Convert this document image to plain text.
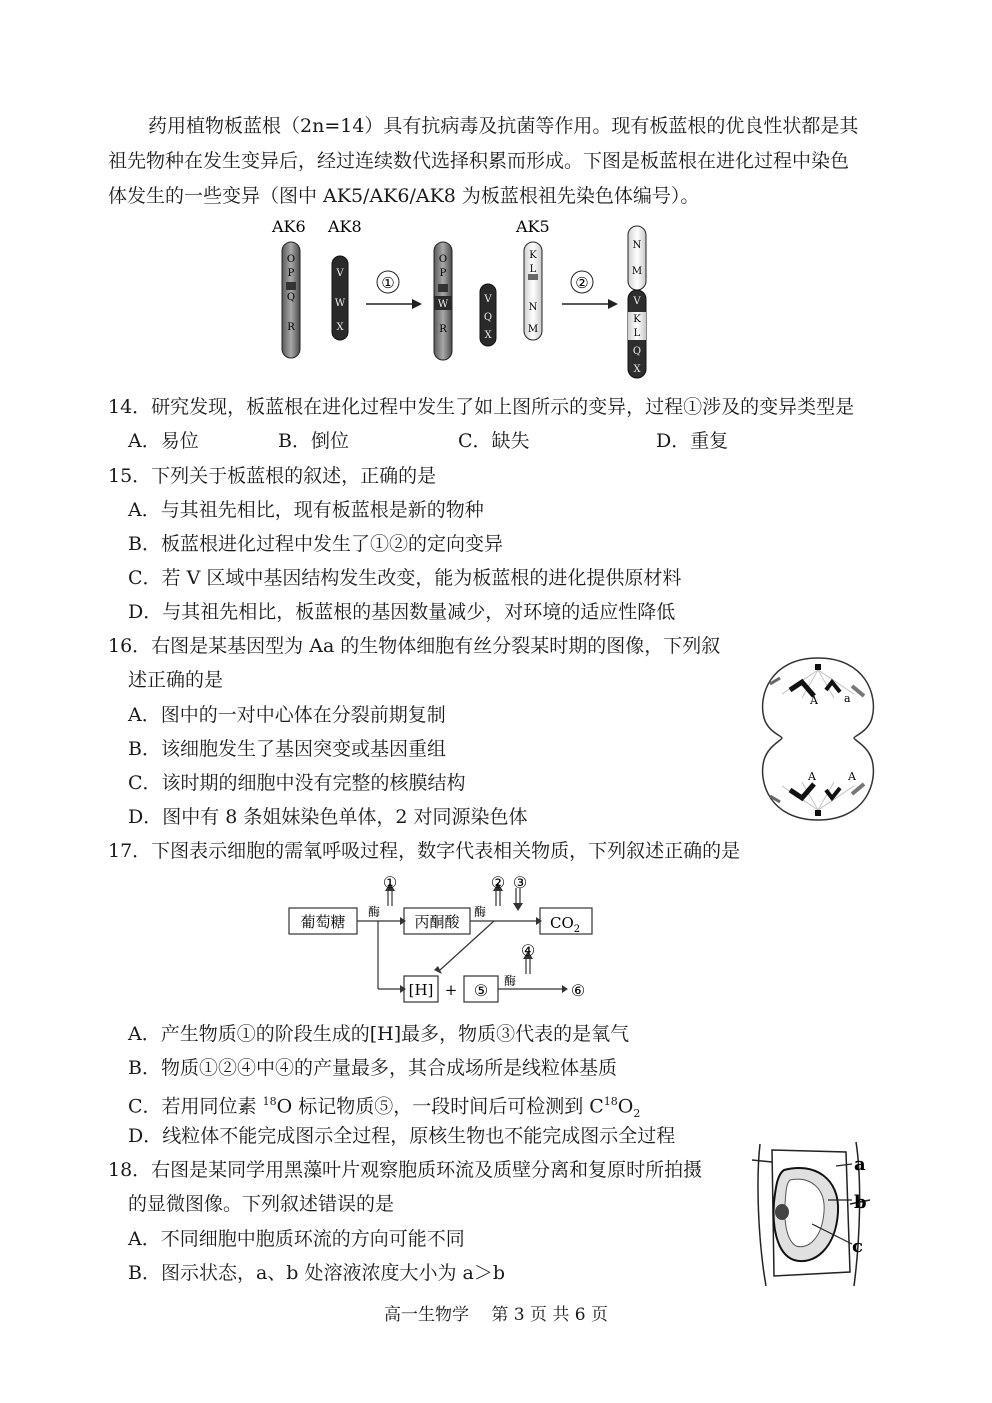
药用植物板蓝根（2n=14）具有抗病毒及抗菌等作用。现有板蓝根的优良性状都是其
祖先物种在发生变异后，经过连续数代选择积累而形成。下图是板蓝根在进化过程中染色
体发生的一些变异（图中 AK5/AK6/AK8 为板蓝根祖先染色体编号）。
AK6 AK8	AK5
O
P
Q
R
V
W
X
①
O
P
W
R
V
Q
X
K
L
N
M
②
N
M
V
K
L
Q
X
14．研究发现，板蓝根在进化过程中发生了如上图所示的变异，过程①涉及的变异类型是
A．易位	B．倒位	C．缺失	D．重复
15．下列关于板蓝根的叙述，正确的是
A．与其祖先相比，现有板蓝根是新的物种
B．板蓝根进化过程中发生了①②的定向变异
C．若 V 区域中基因结构发生改变，能为板蓝根的进化提供原材料
D．与其祖先相比，板蓝根的基因数量减少，对环境的适应性降低
16．右图是某基因型为 Aa 的生物体细胞有丝分裂某时期的图像，下列叙
述正确的是
A．图中的一对中心体在分裂前期复制
B．该细胞发生了基因突变或基因重组
C．该时期的细胞中没有完整的核膜结构
D．图中有 8 条姐妹染色单体，2 对同源染色体
A a
A	A
17．下图表示细胞的需氧呼吸过程，数字代表相关物质，下列叙述正确的是
葡萄糖	丙酮酸	$CO_2$
[H] + ⑤
酶	酶
酶
①	② ③
④
⑥
A．产生物质①的阶段生成的[H]最多，物质③代表的是氧气
B．物质①②④中④的产量最多，其合成场所是线粒体基质
C．若用同位素 $^{18}$O 标记物质⑤，一段时间后可检测到 $C^{18}O_2$
D．线粒体不能完成图示全过程，原核生物也不能完成图示全过程
18．右图是某同学用黑藻叶片观察胞质环流及质壁分离和复原时所拍摄
的显微图像。下列叙述错误的是
A．不同细胞中胞质环流的方向可能不同
B．图示状态，a、b 处溶液浓度大小为 a＞b
a
b
c
高一生物学　 第 3 页 共 6 页
